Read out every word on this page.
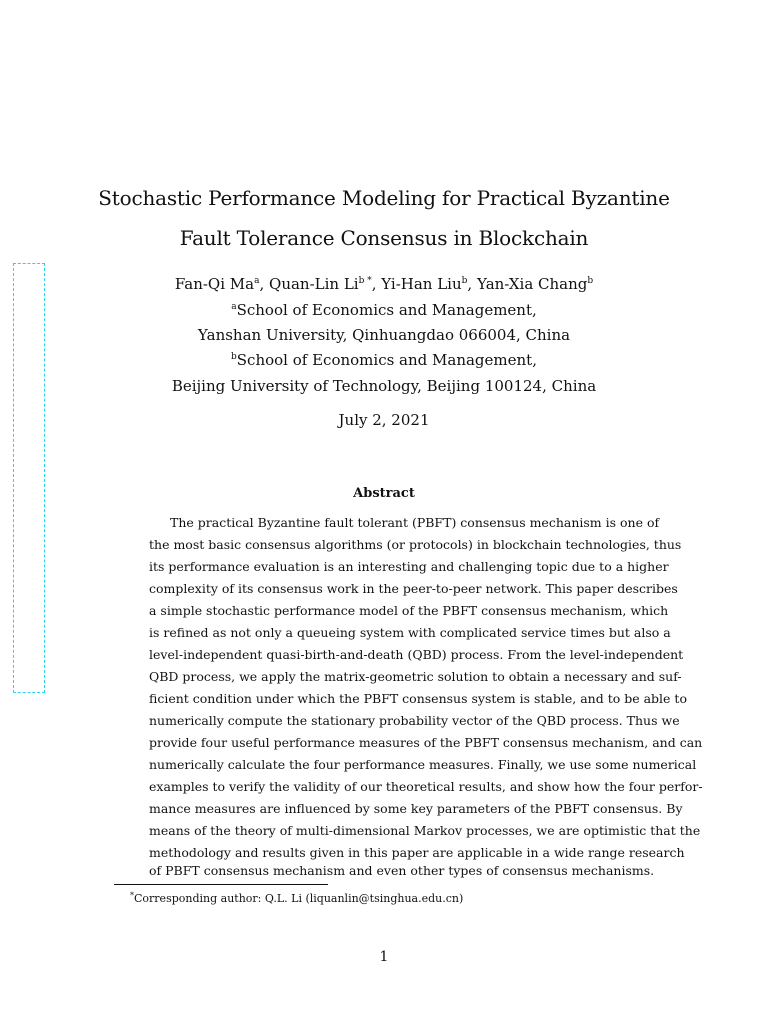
Stochastic Performance Modeling for Practical Byzantine
Fault Tolerance Consensus in Blockchain
Fan-Qi Ma$^a$, Quan-Lin $Li^{b *}$, Yi-Han Liu$^b$, Yan-Xia Chang$^b$
$^a$School of Economics and Management,
Yanshan University, Qinhuangdao 066004, China
$^b$School of Economics and Management,
Beijing University of Technology, Beijing 100124, China
July 2, 2021
Abstract
The practical Byzantine fault tolerant (PBFT) consensus mechanism is one of
the most basic consensus algorithms (or protocols) in blockchain technologies, thus
its performance evaluation is an interesting and challenging topic due to a higher
complexity of its consensus work in the peer-to-peer network. This paper describes
a simple stochastic performance model of the PBFT consensus mechanism, which
is refined as not only a queueing system with complicated service times but also a
level-independent quasi-birth-and-death (QBD) process. From the level-independent
QBD process, we apply the matrix-geometric solution to obtain a necessary and suf-
ficient condition under which the PBFT consensus system is stable, and to be able to
numerically compute the stationary probability vector of the QBD process. Thus we
provide four useful performance measures of the PBFT consensus mechanism, and can
numerically calculate the four performance measures. Finally, we use some numerical
examples to verify the validity of our theoretical results, and show how the four perfor-
mance measures are influenced by some key parameters of the PBFT consensus. By
means of the theory of multi-dimensional Markov processes, we are optimistic that the
methodology and results given in this paper are applicable in a wide range research
of PBFT consensus mechanism and even other types of consensus mechanisms.
*Corresponding author: Q.L. Li (liquanlin@tsinghua.edu.cn)
1
